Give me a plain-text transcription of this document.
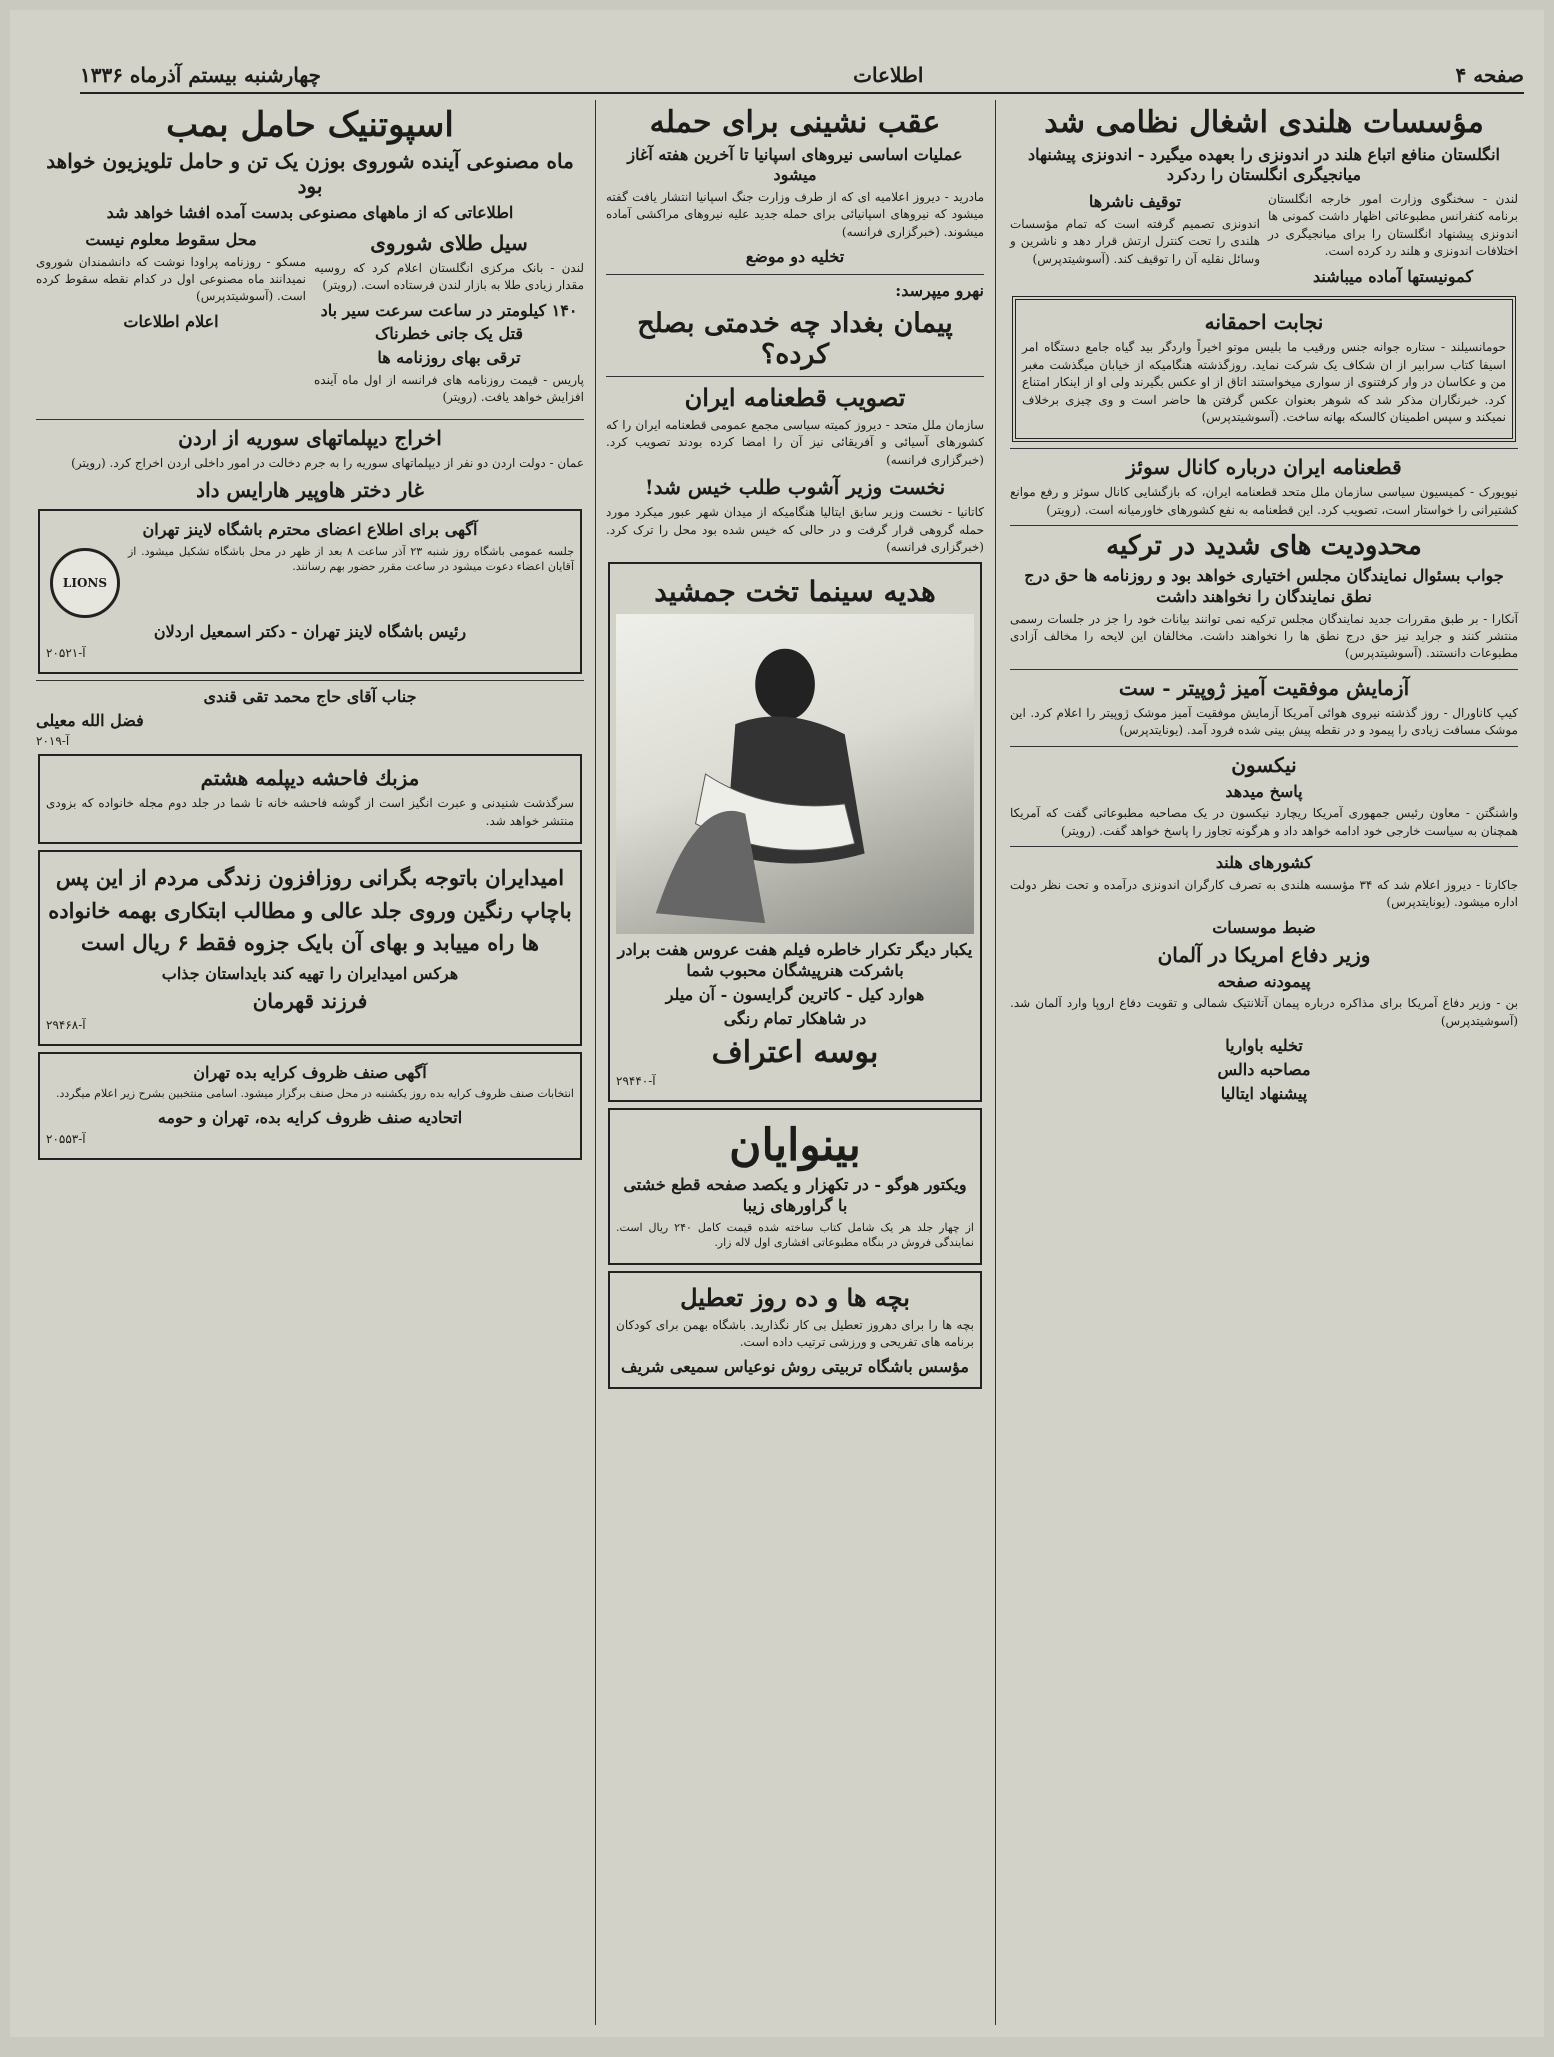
صفحه ۴
اطلاعات
چهارشنبه بیستم آذرماه ۱۳۳۶
مؤسسات هلندی اشغال نظامی شد
انگلستان منافع اتباع هلند در اندونزی را بعهده میگیرد - اندونزی پیشنهاد میانجیگری انگلستان را ردکرد
لندن - سخنگوی وزارت امور خارجه انگلستان برنامه کنفرانس مطبوعاتی اظهار داشت کمونی ها اندونزی پیشنهاد انگلستان را برای میانجیگری در اختلافات اندونزی و هلند رد کرده است.
کمونیستها آماده میباشند
توقیف ناشرها
اندونزی تصمیم گرفته است که تمام مؤسسات هلندی را تحت کنترل ارتش قرار دهد و ناشرین و وسائل نقلیه آن را توقیف کند. (آسوشیتدپرس)
نجابت احمقانه
حومانسیلند - ستاره جوانه جنس ورقیب ما بلیس موتو اخیراً واردگر بید گیاه جامع دستگاه امر اسیفا کتاب سرابیر از ان شکاف یک شرکت نماید. روزگذشته هنگامیکه از خیابان میگذشت مغبر من و عکاسان در وار کرفتنوی از سواری میخواستند اتاق از او عکس بگیرند ولی او از اینکار امتناع کرد. خبرنگاران مذکر شد که شوهر بعنوان عکس گرفتن ها حاضر است و وی چیزی برخلاف نمیکند و سپس اطمینان کالسکه بهانه ساخت. (آسوشیتدپرس)
قطعنامه ایران درباره کانال سوئز
نیویورک - کمیسیون سیاسی سازمان ملل متحد قطعنامه ایران، که بازگشایی کانال سوئز و رفع موانع کشتیرانی را خواستار است، تصویب کرد. این قطعنامه به نفع کشورهای خاورمیانه است. (رویتر)
محدودیت های شدید در ترکیه
جواب بسئوال نمایندگان مجلس اختیاری خواهد بود و روزنامه ها حق درج نطق نمایندگان را نخواهند داشت
آنکارا - بر طبق مقررات جدید نمایندگان مجلس ترکیه نمی توانند بیانات خود را جز در جلسات رسمی منتشر کنند و جراید نیز حق درج نطق ها را نخواهند داشت. مخالفان این لایحه را مخالف آزادی مطبوعات دانستند. (آسوشیتدپرس)
آزمایش موفقیت آمیز ژوپیتر - ست
کیپ کاناورال - روز گذشته نیروی هوائی آمریکا آزمایش موفقیت آمیز موشک ژوپیتر را اعلام کرد. این موشک مسافت زیادی را پیمود و در نقطه پیش بینی شده فرود آمد. (یونایتدپرس)
نیکسون
پاسخ میدهد
واشنگتن - معاون رئیس جمهوری آمریکا ریچارد نیکسون در یک مصاحبه مطبوعاتی گفت که آمریکا همچنان به سیاست خارجی خود ادامه خواهد داد و هرگونه تجاوز را پاسخ خواهد گفت. (رویتر)
کشورهای هلند
جاکارتا - دیروز اعلام شد که ۳۴ مؤسسه هلندی به تصرف کارگران اندونزی درآمده و تحت نظر دولت اداره میشود. (یونایتدپرس)
ضبط موسسات
وزیر دفاع امریکا در آلمان
پیمودنه صفحه
بن - وزیر دفاع آمریکا برای مذاکره درباره پیمان آتلانتیک شمالی و تقویت دفاع اروپا وارد آلمان شد. (آسوشیتدپرس)
تخلیه باواریا
مصاحبه دالس
پیشنهاد ایتالیا
عقب نشینی برای حمله
عملیات اساسی نیروهای اسپانیا تا آخرین هفته آغاز میشود
مادرید - دیروز اعلامیه ای که از طرف وزارت جنگ اسپانیا انتشار یافت گفته میشود که نیروهای اسپانیائی برای حمله جدید علیه نیروهای مراکشی آماده میشوند. (خبرگزاری فرانسه)
تخلیه دو موضع
نهرو میپرسد:
پیمان بغداد چه خدمتی بصلح کرده؟
تصویب قطعنامه ایران
سازمان ملل متحد - دیروز کمیته سیاسی مجمع عمومی قطعنامه ایران را که کشورهای آسیائی و آفریقائی نیز آن را امضا کرده بودند تصویب کرد. (خبرگزاری فرانسه)
نخست وزیر آشوب طلب خیس شد!
کاتانیا - نخست وزیر سابق ایتالیا هنگامیکه از میدان شهر عبور میکرد مورد حمله گروهی قرار گرفت و در حالی که خیس شده بود محل را ترک کرد. (خبرگزاری فرانسه)
هدیه سینما تخت جمشید
یکبار دیگر تکرار خاطره فیلم هفت عروس هفت برادر باشرکت هنرپیشگان محبوب شما
هوارد کیل - کاترین گرایسون - آن میلر
در شاهکار تمام رنگی
بوسه اعتراف
آ-۲۹۴۴۰
بینوایان
ویکتور هوگو - در تکهزار و یکصد صفحه قطع خشتی با گراورهای زیبا
از چهار جلد هر یک شامل کتاب ساخته شده قیمت کامل ۲۴۰ ریال است. نمایندگی فروش در بنگاه مطبوعاتی افشاری اول لاله زار.
بچه ها و ده روز تعطیل
بچه ها را برای دهروز تعطیل بی کار نگذارید. باشگاه بهمن برای کودکان برنامه های تفریحی و ورزشی ترتیب داده است.
مؤسس باشگاه تربیتی روش نوعیاس سمیعی شریف
اسپوتنیک حامل بمب
ماه مصنوعی آینده شوروی بوزن یک تن و حامل تلویزیون خواهد بود
اطلاعاتی که از ماههای مصنوعی بدست آمده افشا خواهد شد
سیل طلای شوروی
لندن - بانک مرکزی انگلستان اعلام کرد که روسیه مقدار زیادی طلا به بازار لندن فرستاده است. (رویتر)
۱۴۰ کیلومتر در ساعت سرعت سیر باد
قتل یک جانی خطرناک
ترقی بهای روزنامه ها
پاریس - قیمت روزنامه های فرانسه از اول ماه آینده افزایش خواهد یافت. (رویتر)
محل سقوط معلوم نیست
مسکو - روزنامه پراودا نوشت که دانشمندان شوروی نمیدانند ماه مصنوعی اول در کدام نقطه سقوط کرده است. (آسوشیتدپرس)
اعلام اطلاعات
اخراج دیپلماتهای سوریه از اردن
عمان - دولت اردن دو نفر از دیپلماتهای سوریه را به جرم دخالت در امور داخلی اردن اخراج کرد. (رویتر)
غار دختر هاوپیر هارایس داد
آگهی برای اطلاع اعضای محترم باشگاه لاینز تهران
LIONS
جلسه عمومی باشگاه روز شنبه ۲۳ آذر ساعت ۸ بعد از ظهر در محل باشگاه تشکیل میشود. از آقایان اعضاء دعوت میشود در ساعت مقرر حضور بهم رسانند.
رئیس باشگاه لاینز تهران - دکتر اسمعیل اردلان
آ-۲۰۵۲۱
جناب آقای حاج محمد تقی قندی
فضل الله معیلی
آ-۲۰۱۹
مزبك فاحشه دیپلمه هشتم
سرگذشت شنیدنی و عبرت انگیز است از گوشه فاحشه خانه تا شما در جلد دوم مجله خانواده که بزودی منتشر خواهد شد.
امیدایران باتوجه بگرانی روزافزون زندگی مردم از این پس باچاپ رنگین وروی جلد عالی و مطالب ابتکاری بهمه خانواده ها راه مییابد و بهای آن بایک جزوه فقط ۶ ریال است
هرکس امیدایران را تهیه کند بایداستان جذاب
فرزند قهرمان
آ-۲۹۴۶۸
آگهی صنف ظروف کرایه بده تهران
انتخابات صنف ظروف کرایه بده روز یکشنبه در محل صنف برگزار میشود. اسامی منتخبین بشرح زیر اعلام میگردد.
اتحادیه صنف ظروف کرایه بده، تهران و حومه
آ-۲۰۵۵۳
